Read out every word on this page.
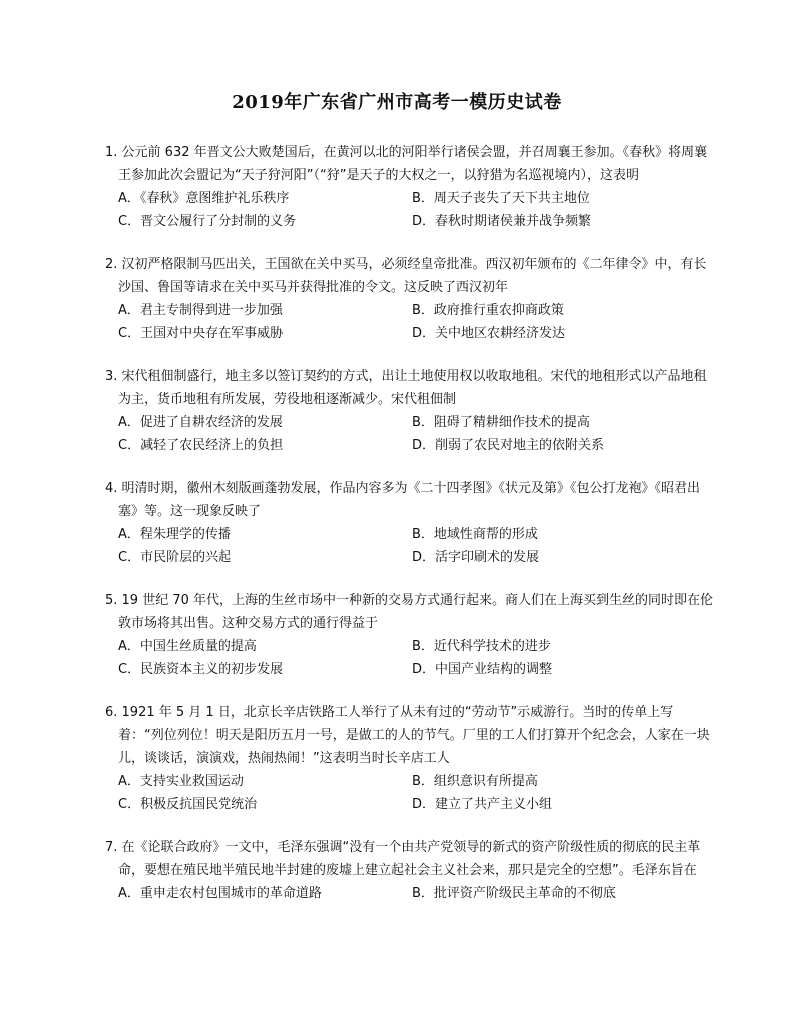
2019年广东省广州市高考一模历史试卷

1. 公元前 632 年晋文公大败楚国后，在黄河以北的河阳举行诸侯会盟，并召周襄王参加。《春秋》将周襄王参加此次会盟记为“天子狩河阳”（“狩”是天子的大权之一，以狩猎为名巡视境内），这表明

A．《春秋》意图维护礼乐秩序	B．周天子丧失了天下共主地位
C．晋文公履行了分封制的义务	D．春秋时期诸侯兼并战争频繁

2. 汉初严格限制马匹出关，王国欲在关中买马，必须经皇帝批准。西汉初年颁布的《二年律令》中，有长沙国、鲁国等请求在关中买马并获得批准的令文。这反映了西汉初年

A．君主专制得到进一步加强	B．政府推行重农抑商政策
C．王国对中央存在军事威胁	D．关中地区农耕经济发达

3. 宋代租佃制盛行，地主多以签订契约的方式，出让土地使用权以收取地租。宋代的地租形式以产品地租为主，货币地租有所发展，劳役地租逐渐减少。宋代租佃制

A．促进了自耕农经济的发展	B．阻碍了精耕细作技术的提高
C．减轻了农民经济上的负担	D．削弱了农民对地主的依附关系

4. 明清时期，徽州木刻版画蓬勃发展，作品内容多为《二十四孝图》《状元及第》《包公打龙袍》《昭君出塞》等。这一现象反映了

A．程朱理学的传播	B．地域性商帮的形成
C．市民阶层的兴起	D．活字印刷术的发展

5. 19 世纪 70 年代，上海的生丝市场中一种新的交易方式通行起来。商人们在上海买到生丝的同时即在伦敦市场将其出售。这种交易方式的通行得益于

A．中国生丝质量的提高	B．近代科学技术的进步
C．民族资本主义的初步发展	D．中国产业结构的调整

6. 1921 年 5 月 1 日，北京长辛店铁路工人举行了从未有过的“劳动节”示威游行。当时的传单上写着：“列位列位！明天是阳历五月一号，是做工的人的节气。厂里的工人们打算开个纪念会，人家在一块儿，谈谈话，演演戏，热闹热闹！”这表明当时长辛店工人

A．支持实业救国运动	B．组织意识有所提高
C．积极反抗国民党统治	D．建立了共产主义小组

7. 在《论联合政府》一文中，毛泽东强调“没有一个由共产党领导的新式的资产阶级性质的彻底的民主革命，要想在殖民地半殖民地半封建的废墟上建立起社会主义社会来，那只是完全的空想”。毛泽东旨在

A．重申走农村包围城市的革命道路	B．批评资产阶级民主革命的不彻底
